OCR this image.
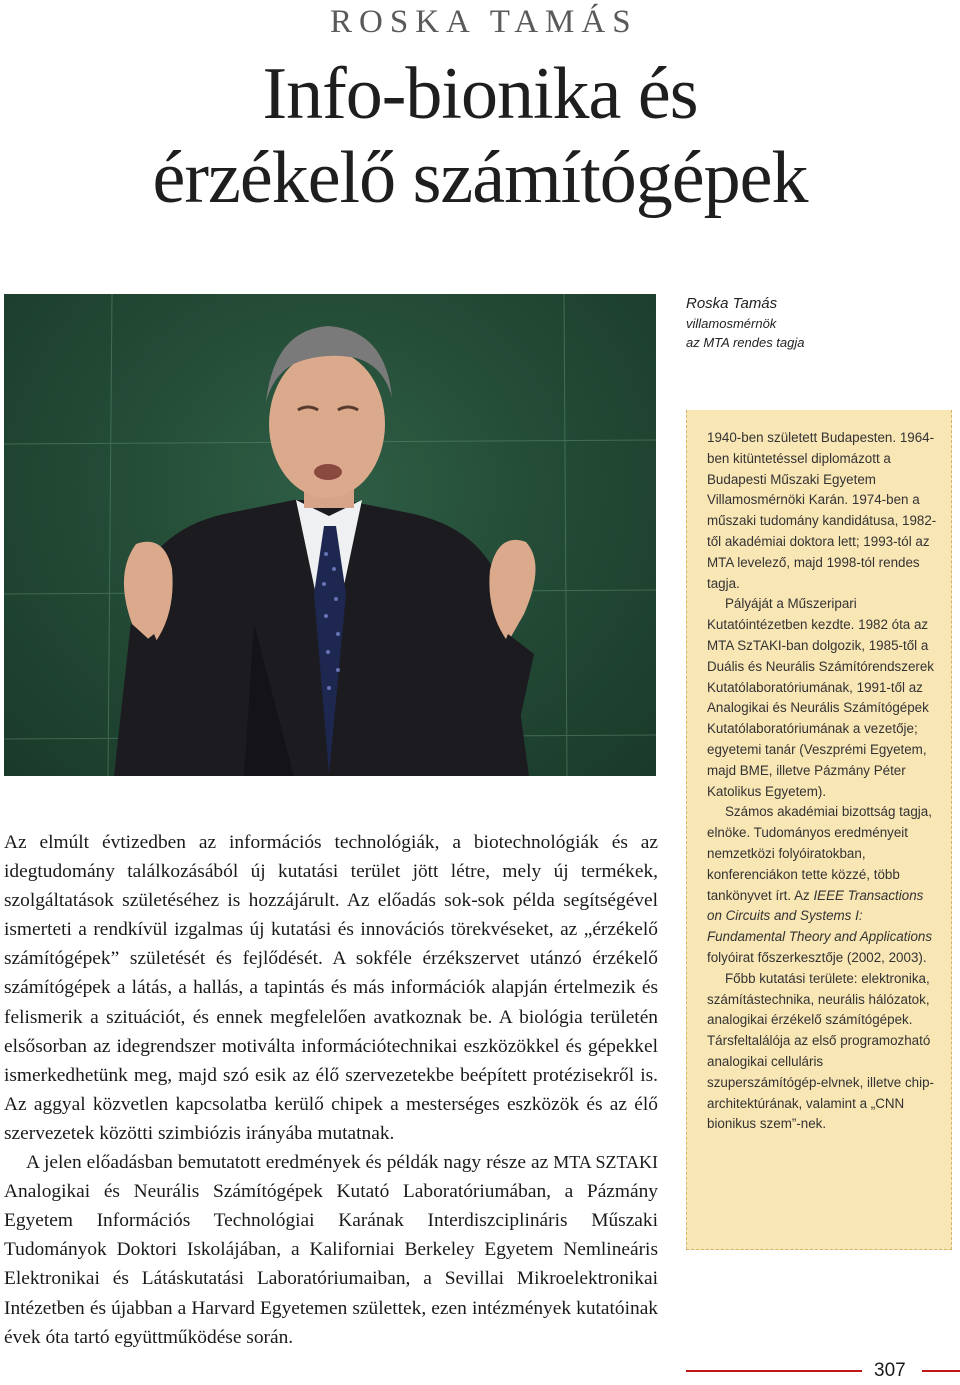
ROSKA TAMÁS
Info-bionika és érzékelő számítógépek
Roska Tamás
villamosmérnök
az MTA rendes tagja

1940-ben született Budapesten. 1964-ben kitüntetéssel diplomázott a Budapesti Műszaki Egyetem Villamosmérnöki Karán. 1974-ben a műszaki tudomány kandidátusa, 1982-től akadémiai doktora lett; 1993-tól az MTA levelező, majd 1998-tól rendes tagja.

Pályáját a Műszeripari Kutatóintézetben kezdte. 1982 óta az MTA SzTAKI-ban dolgozik, 1985-től a Duális és Neurális Számítórendszerek Kutatólaboratóriumának, 1991-től az Analogikai és Neurális Számítógépek Kutatólaboratóriumának a vezetője; egyetemi tanár (Veszprémi Egyetem, majd BME, illetve Pázmány Péter Katolikus Egyetem).

Számos akadémiai bizottság tagja, elnöke. Tudományos eredményeit nemzetközi folyóiratokban, konferenciákon tette közzé, több tankönyvet írt. Az IEEE Transactions on Circuits and Systems I: Fundamental Theory and Applications folyóirat főszerkesztője (2002, 2003).

Főbb kutatási területe: elektronika, számítástechnika, neurális hálózatok, analogikai érzékelő számítógépek. Társfeltalálója az első programozható analogikai celluláris szuperszámítógép-elvnek, illetve chip-architektúrának, valamint a „CNN bionikus szem”-nek.

Az elmúlt évtizedben az információs technológiák, a biotechnológiák és az idegtudomány találkozásából új kutatási terület jött létre, mely új termékek, szolgáltatások születéséhez is hozzájárult. Az előadás sok-sok példa segítségével ismerteti a rendkívül izgalmas új kutatási és innovációs törekvéseket, az „érzékelő számítógépek” születését és fejlődését. A sokféle érzékszervet utánzó érzékelő számítógépek a látás, a hallás, a tapintás és más információk alapján értelmezik és felismerik a szituációt, és ennek megfelelően avatkoznak be. A biológia területén elsősorban az idegrendszer motiválta információtechnikai eszközökkel és gépekkel ismerkedhetünk meg, majd szó esik az élő szervezetekbe beépített protézisekről is. Az aggyal közvetlen kapcsolatba kerülő chipek a mesterséges eszközök és az élő szervezetek közötti szimbiózis irányába mutatnak.

A jelen előadásban bemutatott eredmények és példák nagy része az MTA SZTAKI Analogikai és Neurális Számítógépek Kutató Laboratóriumában, a Pázmány Egyetem Információs Technológiai Karának Interdiszciplináris Műszaki Tudományok Doktori Iskolájában, a Kaliforniai Berkeley Egyetem Nemlineáris Elektronikai és Látáskutatási Laboratóriumaiban, a Sevillai Mikroelektronikai Intézetben és újabban a Harvard Egyetemen születtek, ezen intézmények kutatóinak évek óta tartó együttműködése során.

307
